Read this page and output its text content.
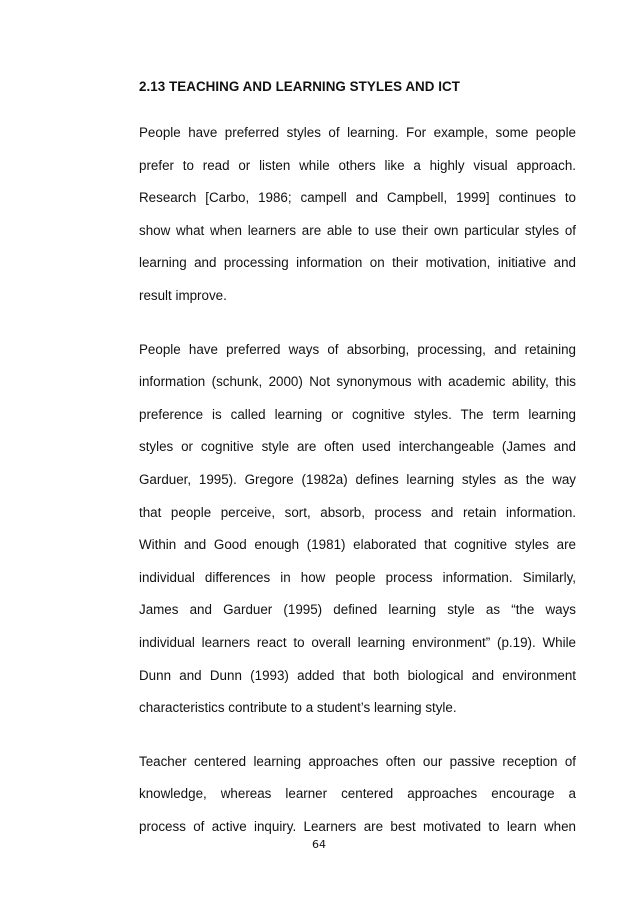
2.13 TEACHING AND LEARNING STYLES AND ICT

People have preferred styles of learning. For example, some people
prefer to read or listen while others like a highly visual approach.
Research [Carbo, 1986; campell and Campbell, 1999] continues to
show what when learners are able to use their own particular styles of
learning and processing information on their motivation, initiative and
result improve.

People have preferred ways of absorbing, processing, and retaining
information (schunk, 2000) Not synonymous with academic ability, this
preference is called learning or cognitive styles. The term learning
styles or cognitive style are often used interchangeable (James and
Garduer, 1995). Gregore (1982a) defines learning styles as the way
that people perceive, sort, absorb, process and retain information.
Within and Good enough (1981) elaborated that cognitive styles are
individual differences in how people process information. Similarly,
James and Garduer (1995) defined learning style as “the ways
individual learners react to overall learning environment” (p.19). While
Dunn and Dunn (1993) added that both biological and environment
characteristics contribute to a student’s learning style.

Teacher centered learning approaches often our passive reception of
knowledge, whereas learner centered approaches encourage a
process of active inquiry. Learners are best motivated to learn when

64
